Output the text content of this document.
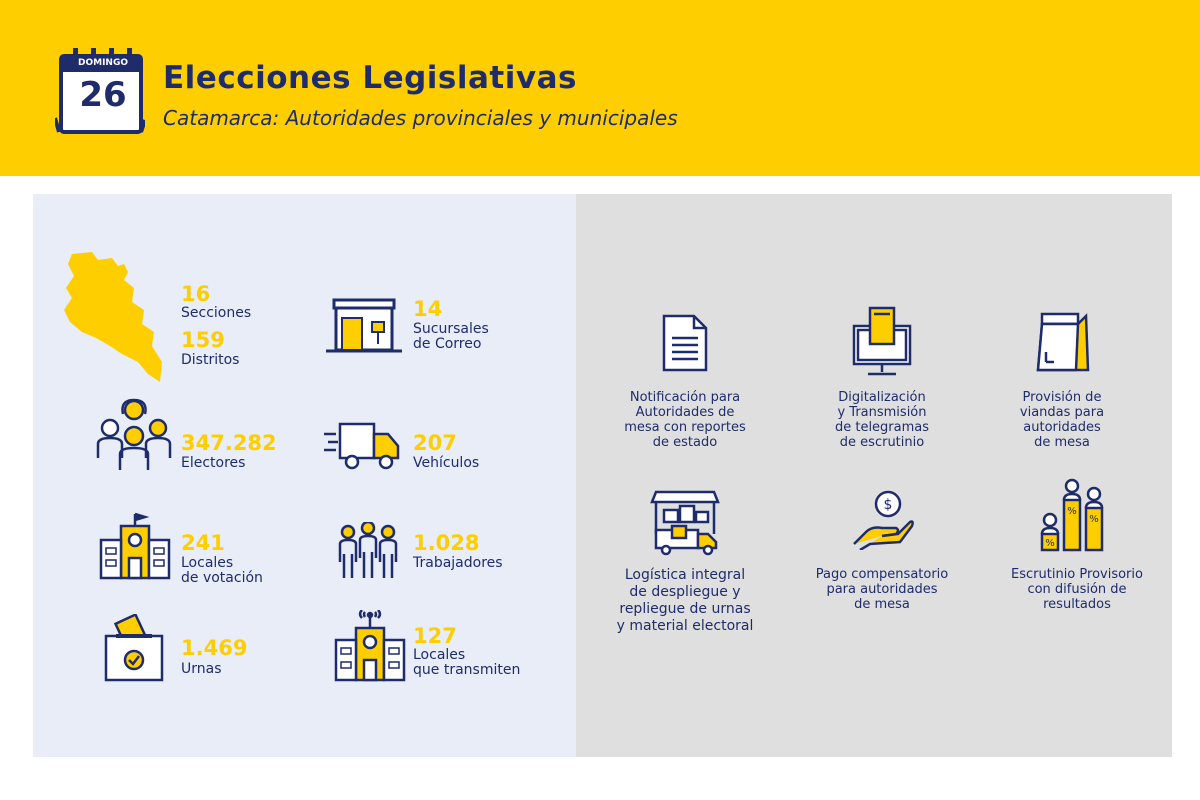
DOMINGO
26	Elecciones Legislativas
Catamarca: Autoridades provinciales y municipales
16
Secciones
159
Distritos
14
Sucursales
de Correo
347.282
Electores
207
Vehículos
241
Locales
de votación
1.028
Trabajadores
1.469
Urnas
127
Locales
que transmiten
Notificación para
Autoridades de
mesa con reportes
de estado
Digitalización
y Transmisión
de telegramas
de escrutinio
Provisión de
viandas para
autoridades
de mesa
Logística integral
de despliegue y
repliegue de urnas
y material electoral
$
Pago compensatorio
para autoridades
de mesa
%
%
%
Escrutinio Provisorio
con difusión de
resultados
